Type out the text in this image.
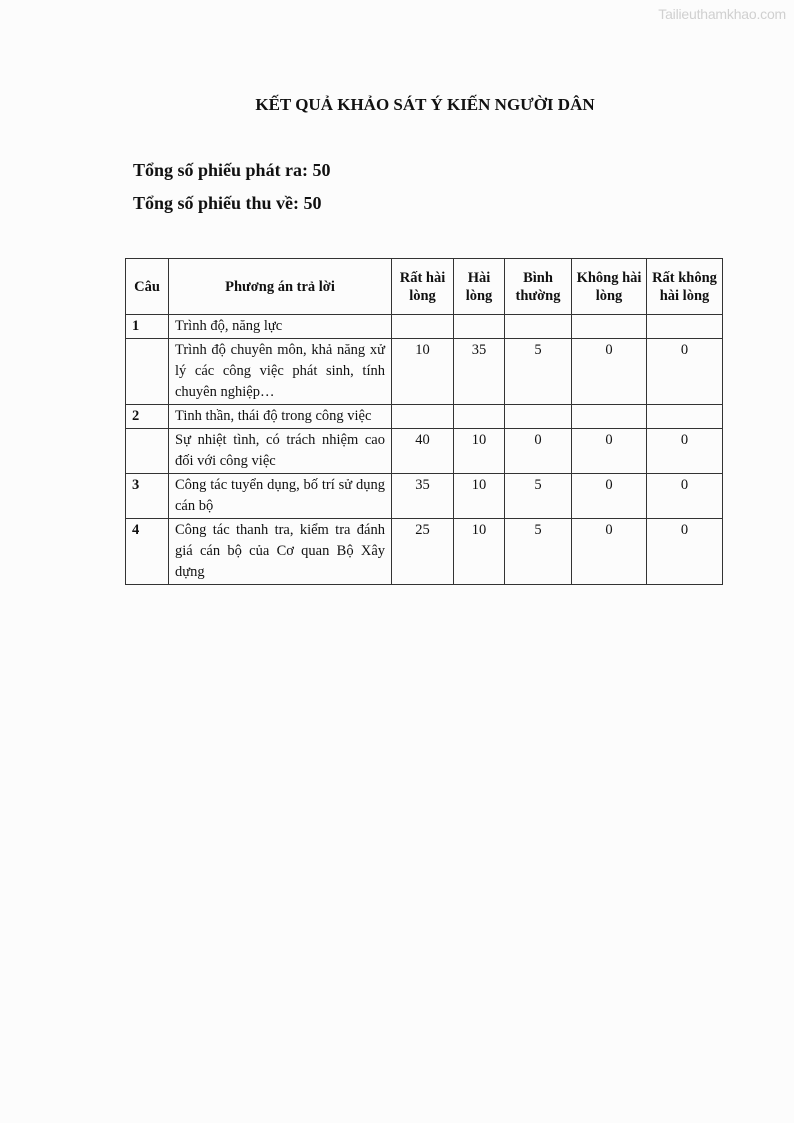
Tailieuthamkhao.com
KẾT QUẢ KHẢO SÁT Ý KIẾN NGƯỜI DÂN
Tổng số phiếu phát ra: 50
Tổng số phiếu thu về: 50
Câu	Phương án trả lời	Rất hài lòng	Hài lòng	Bình thường	Không hài lòng	Rất không hài lòng
1	Trình độ, năng lực					
	Trình độ chuyên môn, khả năng xử lý các công việc phát sinh, tính chuyên nghiệp…	10	35	5	0	0
2	Tinh thần, thái độ trong công việc					
	Sự nhiệt tình, có trách nhiệm cao đối với công việc	40	10	0	0	0
3	Công tác tuyển dụng, bố trí sử dụng cán bộ	35	10	5	0	0
4	Công tác thanh tra, kiểm tra đánh giá cán bộ của Cơ quan Bộ Xây dựng	25	10	5	0	0
